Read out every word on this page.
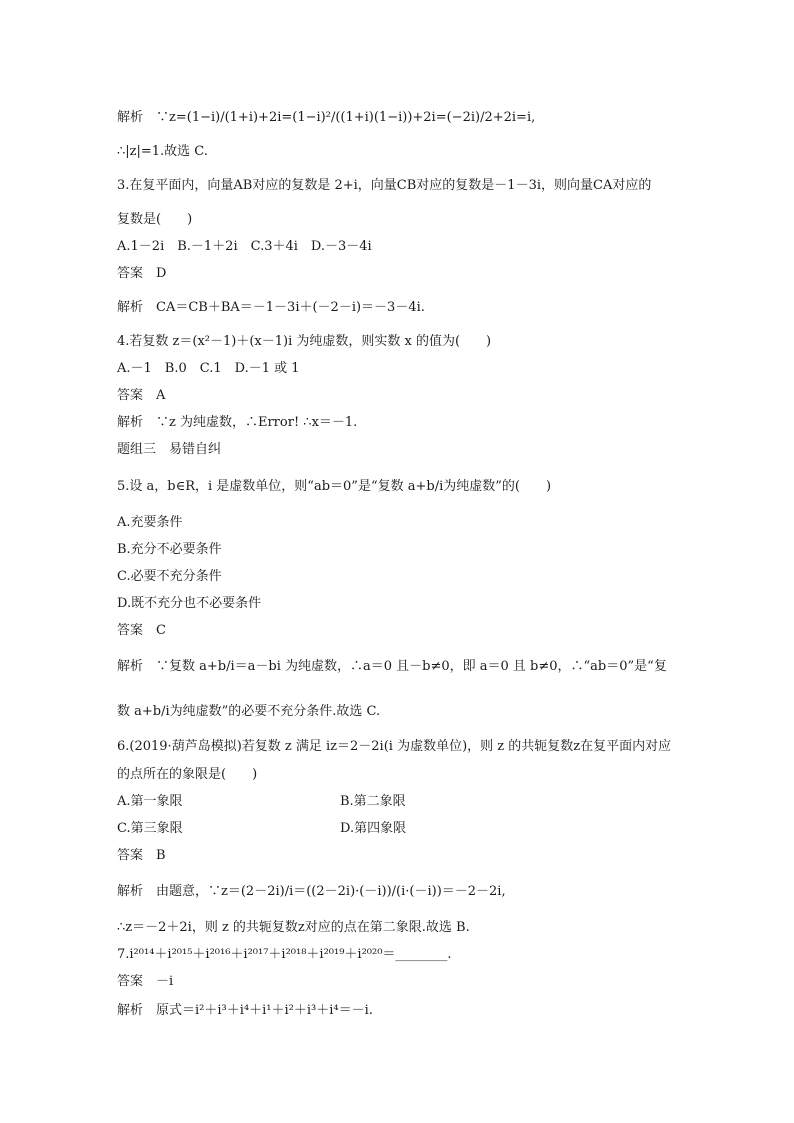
解析　∵z=(1−i)/(1+i)+2i=(1−i)²/((1+i)(1−i))+2i=(−2i)/2+2i=i,
∴|z|=1.故选 C.
3.在复平面内，向量AB对应的复数是 2+i，向量CB对应的复数是－1－3i，则向量CA对应的
复数是(　　)
A.1－2i　B.－1＋2i　C.3＋4i　D.－3－4i
答案　D
解析　CA＝CB＋BA＝－1－3i＋(－2－i)＝－3－4i.
4.若复数 z＝(x²－1)＋(x－1)i 为纯虚数，则实数 x 的值为(　　)
A.－1　B.0　C.1　D.－1 或 1
答案　A
解析　∵z 为纯虚数，∴Error! ∴x＝－1.
题组三　易错自纠
5.设 a，b∈R，i 是虚数单位，则“ab＝0”是“复数 a+b/i为纯虚数”的(　　)
A.充要条件
B.充分不必要条件
C.必要不充分条件
D.既不充分也不必要条件
答案　C
解析　∵复数 a+b/i＝a－bi 为纯虚数，∴a＝0 且－b≠0，即 a＝0 且 b≠0，∴“ab＝0”是“复
数 a+b/i为纯虚数”的必要不充分条件.故选 C.
6.(2019·葫芦岛模拟)若复数 z 满足 iz＝2－2i(i 为虚数单位)，则 z 的共轭复数z在复平面内对应
的点所在的象限是(　　)
A.第一象限
C.第三象限
答案　B
解析　由题意，∵z＝(2－2i)/i＝((2－2i)·(－i))/(i·(－i))＝－2－2i,
∴z＝－2＋2i，则 z 的共轭复数z对应的点在第二象限.故选 B.
7.i²⁰¹⁴＋i²⁰¹⁵＋i²⁰¹⁶＋i²⁰¹⁷＋i²⁰¹⁸＋i²⁰¹⁹＋i²⁰²⁰＝________.
答案　－i
解析　原式＝i²＋i³＋i⁴＋i¹＋i²＋i³＋i⁴＝－i.
B.第二象限
D.第四象限
